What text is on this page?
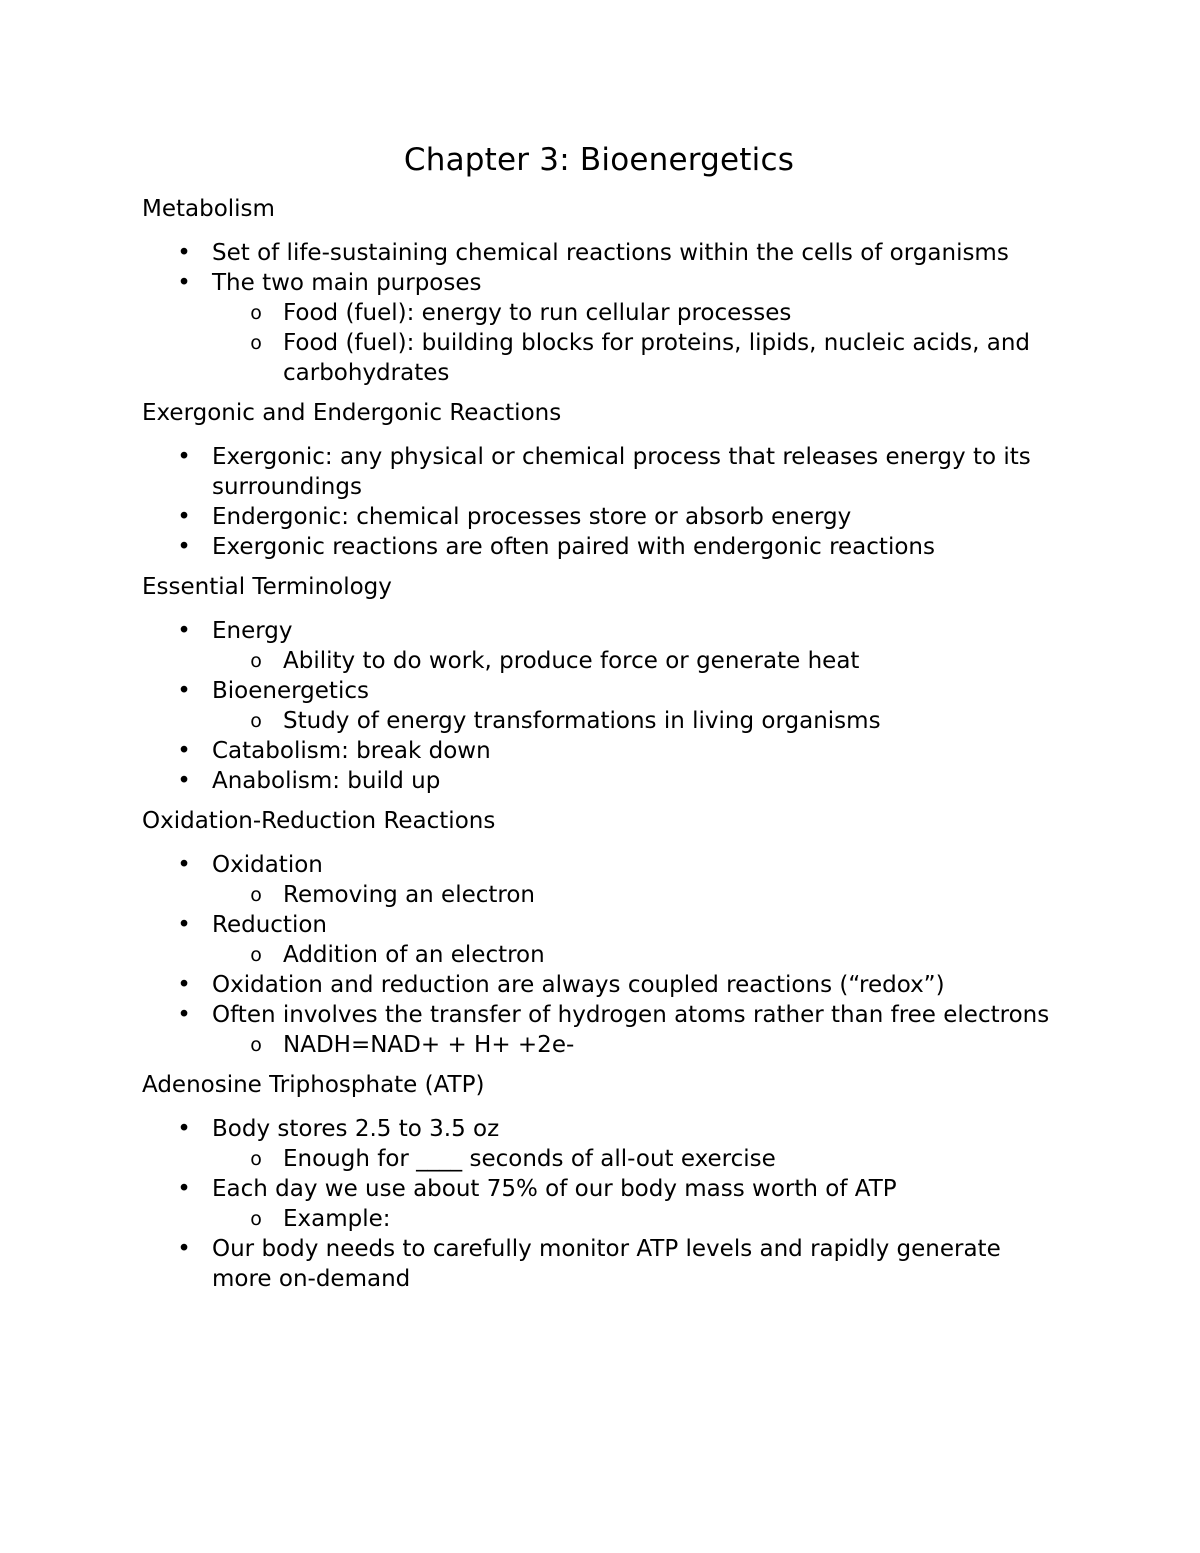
Chapter 3: Bioenergetics
Metabolism
• Set of life-sustaining chemical reactions within the cells of organisms
• The two main purposes
o Food (fuel): energy to run cellular processes
o Food (fuel): building blocks for proteins, lipids, nucleic acids, and carbohydrates
Exergonic and Endergonic Reactions
• Exergonic: any physical or chemical process that releases energy to its surroundings
• Endergonic: chemical processes store or absorb energy
• Exergonic reactions are often paired with endergonic reactions
Essential Terminology
• Energy
o Ability to do work, produce force or generate heat
• Bioenergetics
o Study of energy transformations in living organisms
• Catabolism: break down
• Anabolism: build up
Oxidation-Reduction Reactions
• Oxidation
o Removing an electron
• Reduction
o Addition of an electron
• Oxidation and reduction are always coupled reactions (“redox”)
• Often involves the transfer of hydrogen atoms rather than free electrons
o NADH=NAD+ + H+ +2e-
Adenosine Triphosphate (ATP)
• Body stores 2.5 to 3.5 oz
o Enough for ____ seconds of all-out exercise
• Each day we use about 75% of our body mass worth of ATP
o Example:
• Our body needs to carefully monitor ATP levels and rapidly generate more on-demand
